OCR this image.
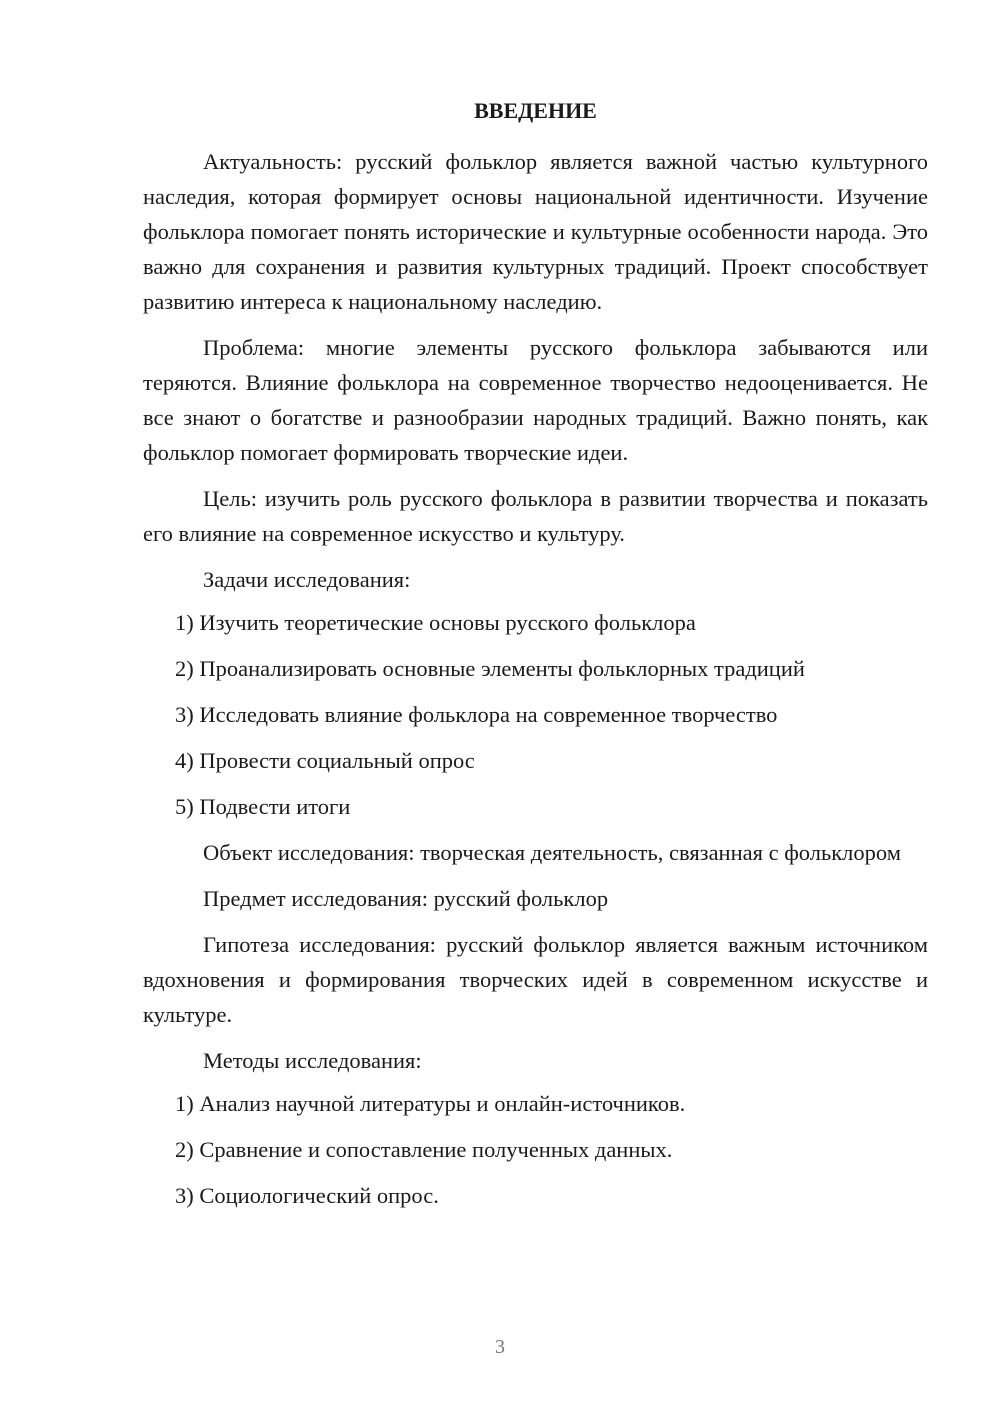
ВВЕДЕНИЕ

Актуальность: русский фольклор является важной частью культурного наследия, которая формирует основы национальной идентичности. Изучение фольклора помогает понять исторические и культурные особенности народа. Это важно для сохранения и развития культурных традиций. Проект способствует развитию интереса к национальному наследию.

Проблема: многие элементы русского фольклора забываются или теряются. Влияние фольклора на современное творчество недооценивается. Не все знают о богатстве и разнообразии народных традиций. Важно понять, как фольклор помогает формировать творческие идеи.

Цель: изучить роль русского фольклора в развитии творчества и показать его влияние на современное искусство и культуру.

Задачи исследования:

1) Изучить теоретические основы русского фольклора

2) Проанализировать основные элементы фольклорных традиций

3) Исследовать влияние фольклора на современное творчество

4) Провести социальный опрос

5) Подвести итоги

Объект исследования: творческая деятельность, связанная с фольклором

Предмет исследования: русский фольклор

Гипотеза исследования: русский фольклор является важным источником вдохновения и формирования творческих идей в современном искусстве и культуре.

Методы исследования:

1) Анализ научной литературы и онлайн-источников.

2) Сравнение и сопоставление полученных данных.

3) Социологический опрос.

3
